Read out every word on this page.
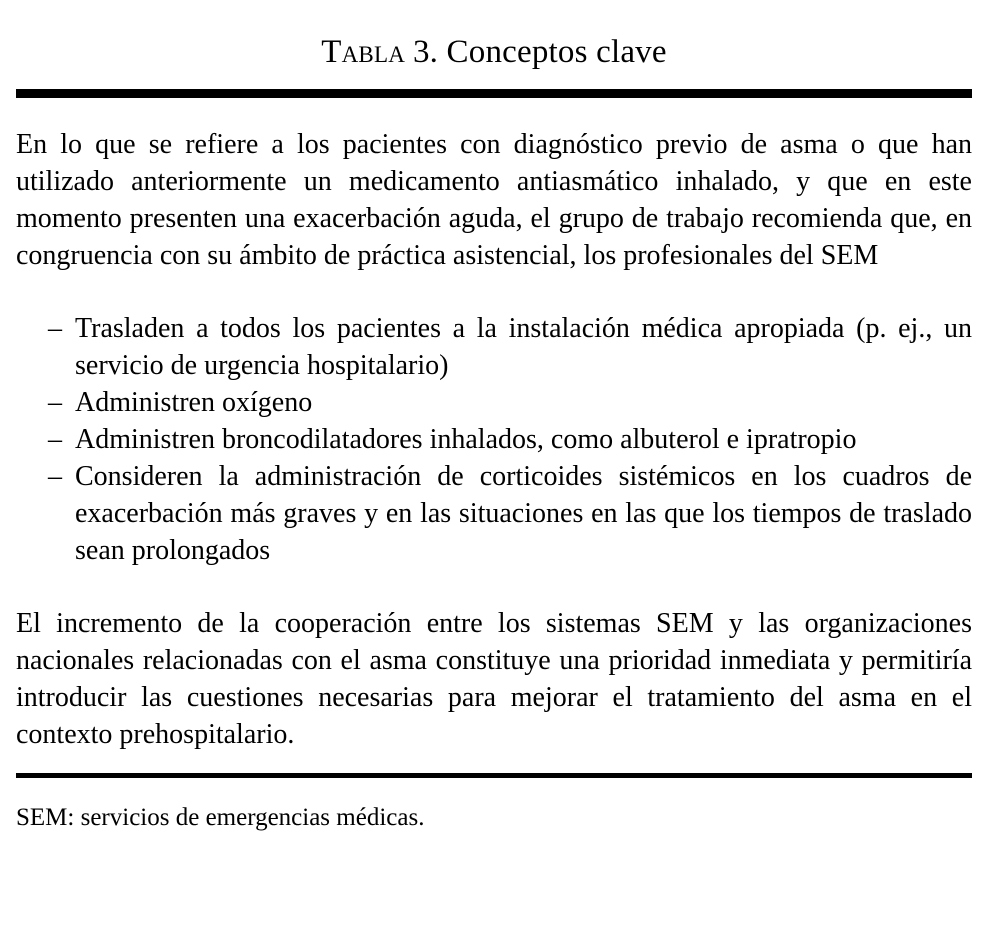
Tabla 3. Conceptos clave

En lo que se refiere a los pacientes con diagnóstico previo de asma o que han utilizado anteriormente un medicamento antiasmático inhalado, y que en este momento presenten una exacerbación aguda, el grupo de trabajo recomienda que, en congruencia con su ámbito de práctica asistencial, los profesionales del SEM

– Trasladen a todos los pacientes a la instalación médica apropiada (p. ej., un servicio de urgencia hospitalario)
– Administren oxígeno
– Administren broncodilatadores inhalados, como albuterol e ipratropio
– Consideren la administración de corticoides sistémicos en los cuadros de exacerbación más graves y en las situaciones en las que los tiempos de traslado sean prolongados

El incremento de la cooperación entre los sistemas SEM y las organizaciones nacionales relacionadas con el asma constituye una prioridad inmediata y permitiría introducir las cuestiones necesarias para mejorar el tratamiento del asma en el contexto prehospitalario.

SEM: servicios de emergencias médicas.
